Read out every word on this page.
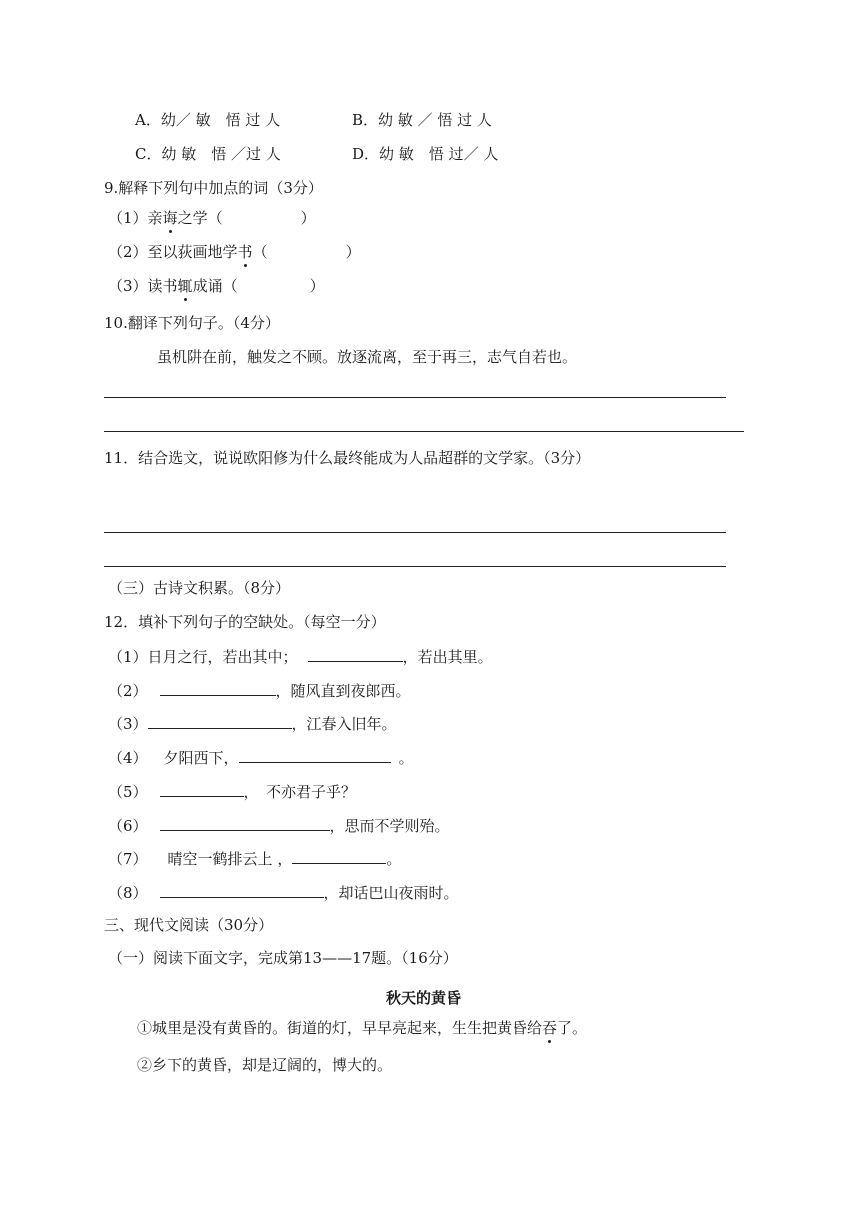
A．幼／ 敏　悟 过 人	B．幼 敏 ／ 悟 过 人
C．幼 敏　悟 ／过 人	D．幼 敏　悟 过／ 人
9.解释下列句中加点的词（3分）
（1）亲诲之学（	）
（2）至以荻画地学书（	）
（3）读书辄成诵（	）
10.翻译下列句子。（4分）
虽机阱在前，触发之不顾。放逐流离，至于再三，志气自若也。
11．结合选文，说说欧阳修为什么最终能成为人品超群的文学家。（3分）
（三）古诗文积累。（8分）
12．填补下列句子的空缺处。（每空一分）
（1）日月之行，若出其中；	，若出其里。
（2）	，随风直到夜郎西。
（3）	，江春入旧年。
（4） 夕阳西下，	。
（5）	，　不亦君子乎？
（6）	，思而不学则殆。
（7） 晴空一鹤排云上 ，	。
（8）	，却话巴山夜雨时。
三、现代文阅读（30分）
（一）阅读下面文字，完成第13——17题。（16分）
秋天的黄昏
①城里是没有黄昏的。街道的灯，早早亮起来，生生把黄昏给吞了。
②乡下的黄昏，却是辽阔的，博大的。
